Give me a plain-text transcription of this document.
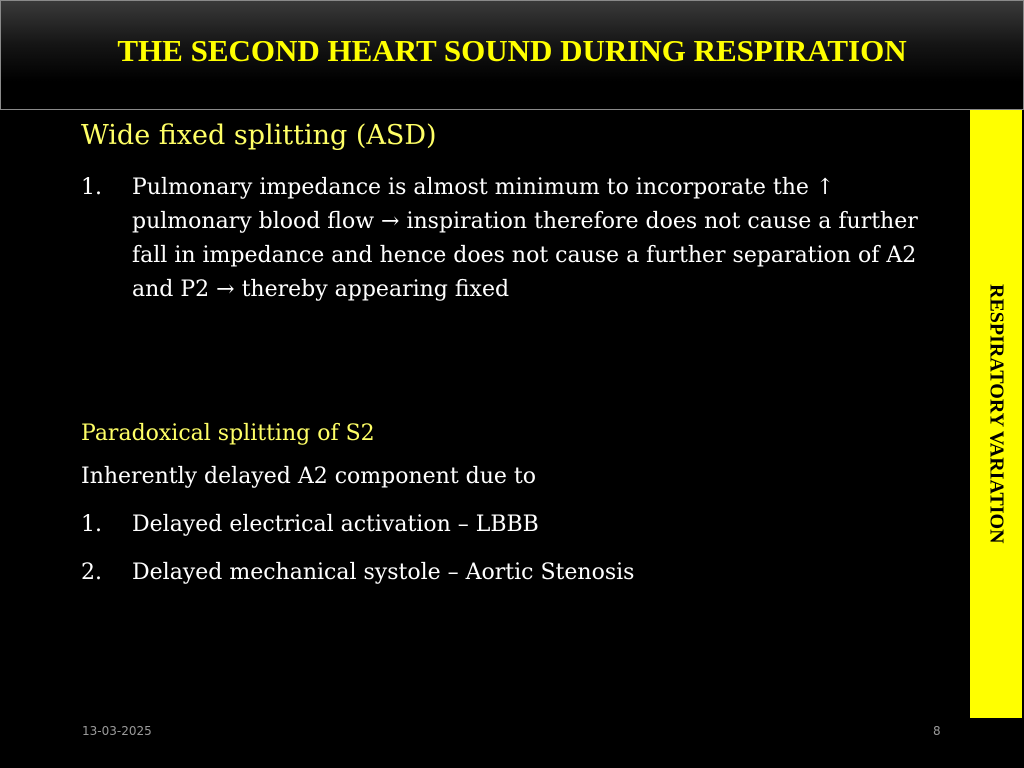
THE SECOND HEART SOUND DURING RESPIRATION
RESPIRATORY VARIATION
Wide fixed splitting (ASD)
1.	Pulmonary impedance is almost minimum to incorporate the ↑ pulmonary blood flow → inspiration therefore does not cause a further fall in impedance and hence does not cause a further separation of A2 and P2 → thereby appearing fixed
Paradoxical splitting of S2
Inherently delayed A2 component due to
1.	Delayed electrical activation – LBBB
2.	Delayed mechanical systole – Aortic Stenosis
13-03-2025	8
